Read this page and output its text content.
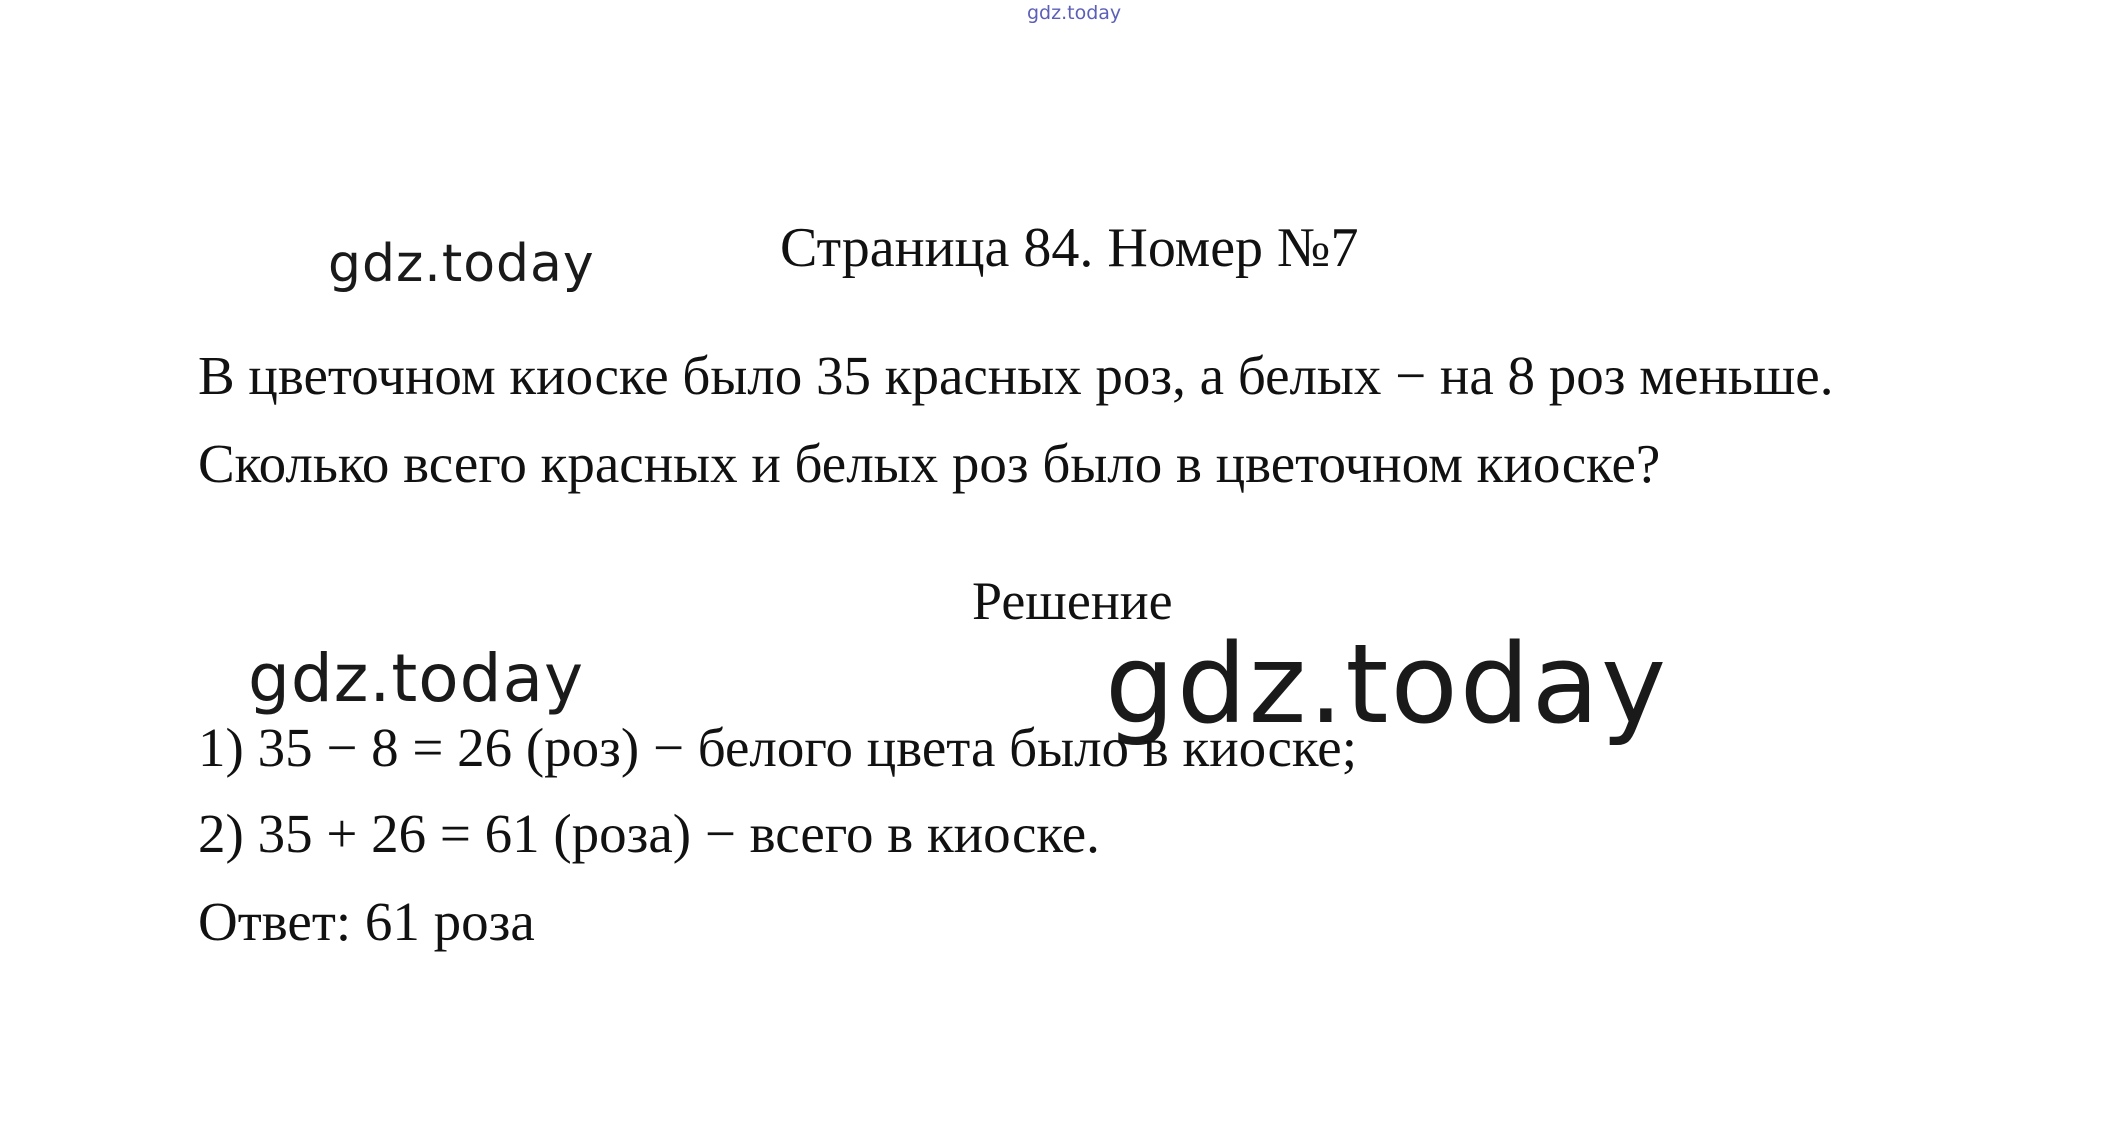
gdz.today
Страница 84. Номер №7
gdz.today
В цветочном киоске было 35 красных роз, а белых − на 8 роз меньше.
Сколько всего красных и белых роз было в цветочном киоске?
Решение
gdz.today	gdz.today
1) 35 − 8 = 26 (роз) − белого цвета было в киоске;
2) 35 + 26 = 61 (роза) − всего в киоске.
Ответ: 61 роза
